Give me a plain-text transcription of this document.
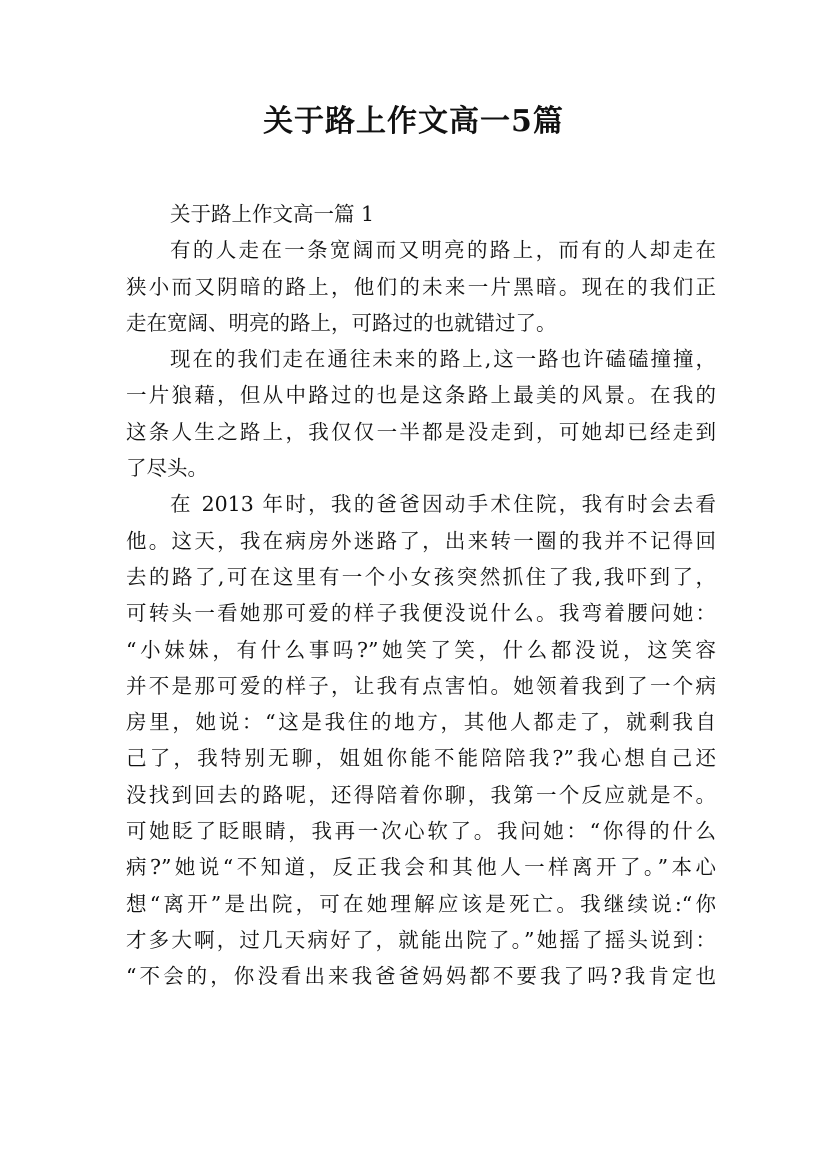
关于路上作文高一5篇
关于路上作文高一篇 1
有的人走在一条宽阔而又明亮的路上，而有的人却走在
狭小而又阴暗的路上，他们的未来一片黑暗。现在的我们正
走在宽阔、明亮的路上，可路过的也就错过了。
现在的我们走在通往未来的路上,这一路也许磕磕撞撞，
一片狼藉，但从中路过的也是这条路上最美的风景。在我的
这条人生之路上，我仅仅一半都是没走到，可她却已经走到
了尽头。
在 2013 年时，我的爸爸因动手术住院，我有时会去看
他。这天，我在病房外迷路了，出来转一圈的我并不记得回
去的路了,可在这里有一个小女孩突然抓住了我,我吓到了，
可转头一看她那可爱的样子我便没说什么。我弯着腰问她：
“小妹妹，有什么事吗?”她笑了笑，什么都没说，这笑容
并不是那可爱的样子，让我有点害怕。她领着我到了一个病
房里，她说：“这是我住的地方，其他人都走了，就剩我自
己了，我特别无聊，姐姐你能不能陪陪我?”我心想自己还
没找到回去的路呢，还得陪着你聊，我第一个反应就是不。
可她眨了眨眼睛，我再一次心软了。我问她：“你得的什么
病?”她说“不知道，反正我会和其他人一样离开了。”本心
想“离开”是出院，可在她理解应该是死亡。我继续说:“你
才多大啊，过几天病好了，就能出院了。”她摇了摇头说到：
“不会的，你没看出来我爸爸妈妈都不要我了吗?我肯定也
